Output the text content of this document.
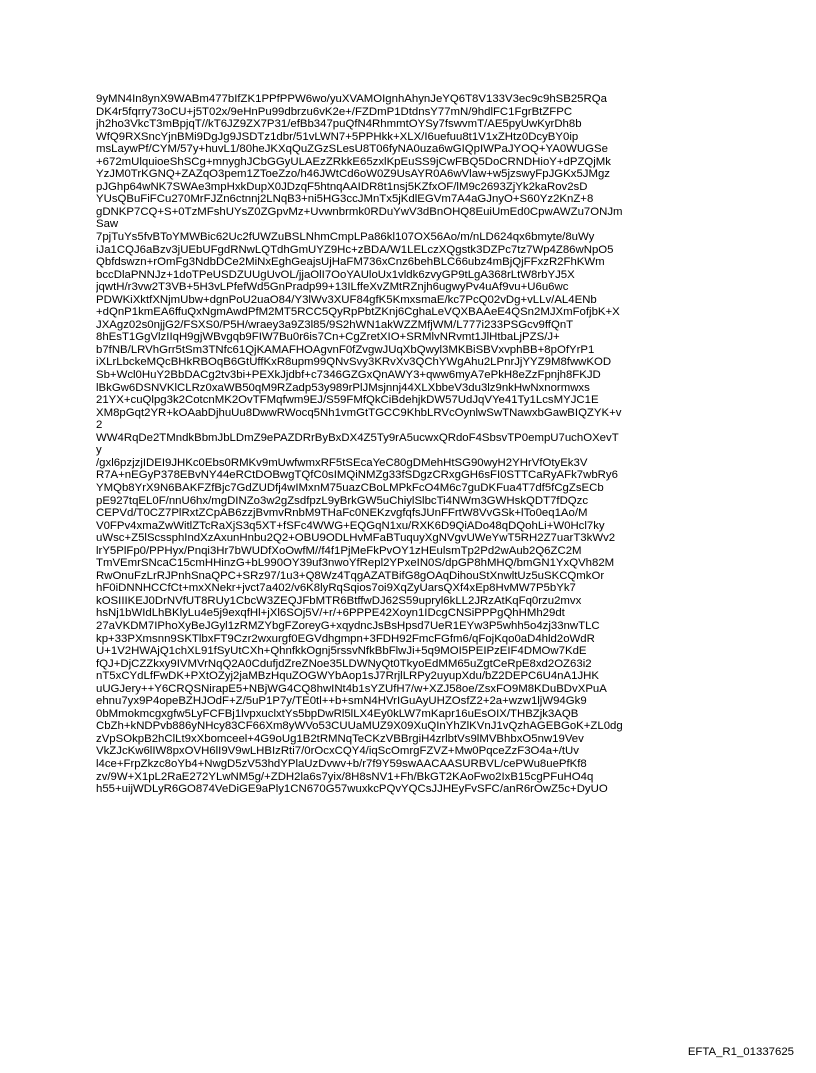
9yMN4In8ynX9WABm477bIfZK1PPfPPW6wo/yuXVAMOIgnhAhynJeYQ6T8V133V3ec9c9hSB25RQa
DK4r5fqrry73oCU+j5T02x/9eHnPu99dbrzu6vK2e+/FZDmP1DtdnsY77mN/9hdlFC1FgrBtZFPC
jh2ho3VkcT3mBpjqT//kT6JZ9ZX7P31/efBb347puQfN4RhmmtOYSy7fswvmT/AE5pyUwKyrDh8b
WfQ9RXSncYjnBMi9DgJg9JSDTz1dbr/51vLWN7+5PPHkk+XLX/I6uefuu8t1V1xZHtz0DcyBY0ip
msLaywPf/CYM/57y+huvL1/80heJKXqQuZGzSLesU8T06fyNA0uza6wGIQpIWPaJYOQ+YA0WUGSe
+672mUlquioeShSCg+mnyghJCbGGyULAEzZRkkE65zxlKpEuSS9jCwFBQ5DoCRNDHioY+dPZQjMk
YzJM0TrKGNQ+ZAZqO3pem1ZToeZzo/h46JWtCd6oW0Z9UsAYR0A6wVlaw+w5jzswyFpJGKx5JMgz
pJGhp64wNK7SWAe3mpHxkDupX0JDzqF5htnqAAIDR8t1nsj5KZfxOF/lM9c2693ZjYk2kaRov2sD
YUsQBuFiFCu270MrFJZn6ctnnj2LNqB3+ni5HG3ccJMnTx5jKdlEGVm7A4aGJnyO+S60Yz2KnZ+8
gDNKP7CQ+S+0TzMFshUYsZ0ZGpvMz+Uvwnbrmk0RDuYwV3dBnOHQ8EuiUmEd0CpwAWZu7ONJm
Saw
7pjTuYs5fvBToYMWBic62Uc2fUWZuBSLNhmCmpLPa86kl107OX56Ao/m/nLD624qx6bmyte/8uWy
iJa1CQJ6aBzv3jUEbUFgdRNwLQTdhGmUYZ9Hc+zBDA/W1LELczXQgstk3DZPc7tz7Wp4Z86wNpO5
Qbfdswzn+rOmFg3NdbDCe2MiNxEghGeajsUjHaFM736xCnz6behBLC66ubz4mBjQjFFxzR2FhKWm
bccDlaPNNJz+1doTPeUSDZUUgUvOL/jjaOlI7OoYAUloUx1vldk6zvyGP9tLgA368rLtW8rbYJ5X
jqwtH/r3vw2T3VB+5H3vLPfefWd5GnPradp99+13ILffeXvZMtRZnjh6ugwyPv4uAf9vu+U6u6wc
PDWKiXktfXNjmUbw+dgnPoU2uaO84/Y3lWv3XUF84gfK5KmxsmaE/kc7PcQ02vDg+vLLv/AL4ENb
+dQnP1kmEA6ffuQxNgmAwdPfM2MT5RCC5QyRpPbtZKnj6CghaLeVQXBAAeE4QSn2MJXmFofjbK+X
JXAgz02s0njjG2/FSXS0/P5H/wraey3a9Z3l85/9S2hWN1akWZZMfjWM/L777i233PSGcv9ffQnT
8hEsT1GgVlzIIqH9gjWBvgqb9FIW7Bu0r6is7Cn+CgZretXIO+SRMlvNRvmt1JlHtbaLjPZS/J+
b7fNB/LRVhGrr5tSm3TNfc61QjKAMAFHOAgvnF0fZvgwJUqXbQwyl3MKBiSBVxvphBB+8pOfYrP1
iXLrLbckeMQcBHkRBOqB6GtUffKxR8upm99QNvSvy3KRvXv3QChYWgAhu2LPnrJjYYZ9M8fwwKOD
Sb+Wcl0HuY2BbDACg2tv3bi+PEXkJjdbf+c7346GZGxQnAWY3+qww6myA7ePkH8eZzFpnjh8FKJD
lBkGw6DSNVKlCLRz0xaWB50qM9RZadp53y989rPlJMsjnnj44XLXbbeV3du3lz9nkHwNxnormwxs
21YX+cuQlpg3k2CotcnMK2OvTFMqfwm9EJ/S59FMfQkCiBdehjkDW57UdJqVYe41Ty1LcsMYJC1E
XM8pGqt2YR+kOAabDjhuUu8DwwRWocq5Nh1vmGtTGCC9KhbLRVcOynlwSwTNawxbGawBIQZYK+v
2
WW4RqDe2TMndkBbmJbLDmZ9ePAZDRrByBxDX4Z5Ty9rA5ucwxQRdoF4SbsvTP0empU7uchOXevT
y
/gxl6pzjzjIDEI9JHKc0Ebs0RMKv9mUwfwmxRF5tSEcaYeC80gDMehHtSG90wyH2YHrVfOtyEk3V
R7A+nEGyP378EBvNY44eRCtDOBwgTQfC0sIMQiNMZg33fSDgzCRxgGH6sFI0STTCaRyAFk7wbRy6
YMQb8YrX9N6BAKFZfBjc7GdZUDfj4wIMxnM75uazCBoLMPkFcO4M6c7guDKFua4T7df5fCgZsECb
pE927tqEL0F/nnU6hx/mgDINZo3w2gZsdfpzL9yBrkGW5uChiylSlbcTi4NWm3GWHskQDT7fDQzc
CEPVd/T0CZ7PlRxtZCpAB6zzjBvmvRnbM9THaFc0NEKzvgfqfsJUnFFrtW8VvGSk+lTo0eq1Ao/M
V0FPv4xmaZwWitlZTcRaXjS3q5XT+fSFc4WWG+EQGqN1xu/RXK6D9QiADo48qDQohLi+W0Hcl7ky
uWsc+Z5lScssphIndXzAxunHnbu2Q2+OBU9ODLHvMFaBTuquyXgNVgvUWeYwT5RH2Z7uarT3kWv2
lrY5PlFp0/PPHyx/Pnqi3Hr7bWUDfXoOwfM//f4f1PjMeFkPvOY1zHEulsmTp2Pd2wAub2Q6ZC2M
TmVEmrSNcaC15cmHHinzG+bL990OY39uf3nwoYfRepl2YPxeIN0S/dpGP8hMHQ/bmGN1YxQVh82M
RwOnuFzLrRJPnhSnaQPC+SRz97/1u3+Q8Wz4TqgAZATBifG8gOAqDihouStXnwltUz5uSKCQmkOr
hF0iDNNHCCfCt+mxXNekr+jvct7a402/v6K8lyRqSqios7oi9XqZyUarsQXf4xEp8HvMW7P5bYk7
kOSIIIKEJ0DrNVfUT8RUy1CbcW3ZEQJFbMTR6BtffwDJ62S59upryl6kLL2JRzAtKqFq0rzu2mvx
hsNj1bWIdLhBKlyLu4e5j9exqfHl+jXl6SOj5V/+r/+6PPPE42Xoyn1IDcgCNSiPPPgQhHMh29dt
27aVKDM7IPhoXyBeJGyl1zRMZYbgFZoreyG+xqydncJsBsHpsd7UeR1EYw3P5whh5o4zj33nwTLC
kp+33PXmsnn9SKTlbxFT9Czr2wxurgf0EGVdhgmpn+3FDH92FmcFGfm6/qFojKqo0aD4hld2oWdR
U+1V2HWAjQ1chXL91fSyUtCXh+QhnfkkOgnj5rssvNfkBbFlwJi+5q9MOI5PEIPzEIF4DMOw7KdE
fQJ+DjCZZkxy9IVMVrNqQ2A0CdufjdZreZNoe35LDWNyQt0TkyoEdMM65uZgtCeRpE8xd2OZ63i2
nT5xCYdLfFwDK+PXtOZyj2jaMBzHquZOGWYbAop1sJ7RrjlLRPy2uyupXdu/bZ2DEPC6U4nA1JHK
uUGJery++Y6CRQSNirapE5+NBjWG4CQ8hwINt4b1sYZUfH7/w+XZJ58oe/ZsxFO9M8KDuBDvXPuA
ehnu7yx9P4opeBZHJOdF+Z/5uP1P7y/TE0tl++b+smN4HVrIGuAyUHZOsfZ2+2a+wzw1ljW94Gk9
0bMmokmcgxgfw5LyFCFBj1lvpxuclxtYs5bpDwRl5lLX4Ey0kLW7mKapr16uEsOIX/THBZjk3AQB
CbZh+kNDPvb886yNHcy83CF66Xm8yWVo53CUUaMUZ9X09XuQInYhZlKVnJ1vQzhAGEBGoK+ZL0dg
zVpSOkpB2hClLt9xXbomceel+4G9oUg1B2tRMNqTeCKzVBBrgiH4zrlbtVs9lMVBhbxO5nw19Vev
VkZJcKw6lIW8pxOVH6lI9V9wLHBIzRti7/0rOcxCQY4/iqScOmrgFZVZ+Mw0PqceZzF3O4a+/tUv
l4ce+FrpZkzc8oYb4+NwgD5zV53hdYPlaUzDvwv+b/r7f9Y59swAACAASURBVL/cePWu8uePfKf8
zv/9W+X1pL2RaE272YLwNM5g/+ZDH2la6s7yix/8H8sNV1+Fh/BkGT2KAoFwo2IxB15cgPFuHO4q
h55+uijWDLyR6GO874VeDiGE9aPly1CN670G57wuxkcPQvYQCsJJHEyFvSFC/anR6rOwZ5c+DyUO
EFTA_R1_01337625
